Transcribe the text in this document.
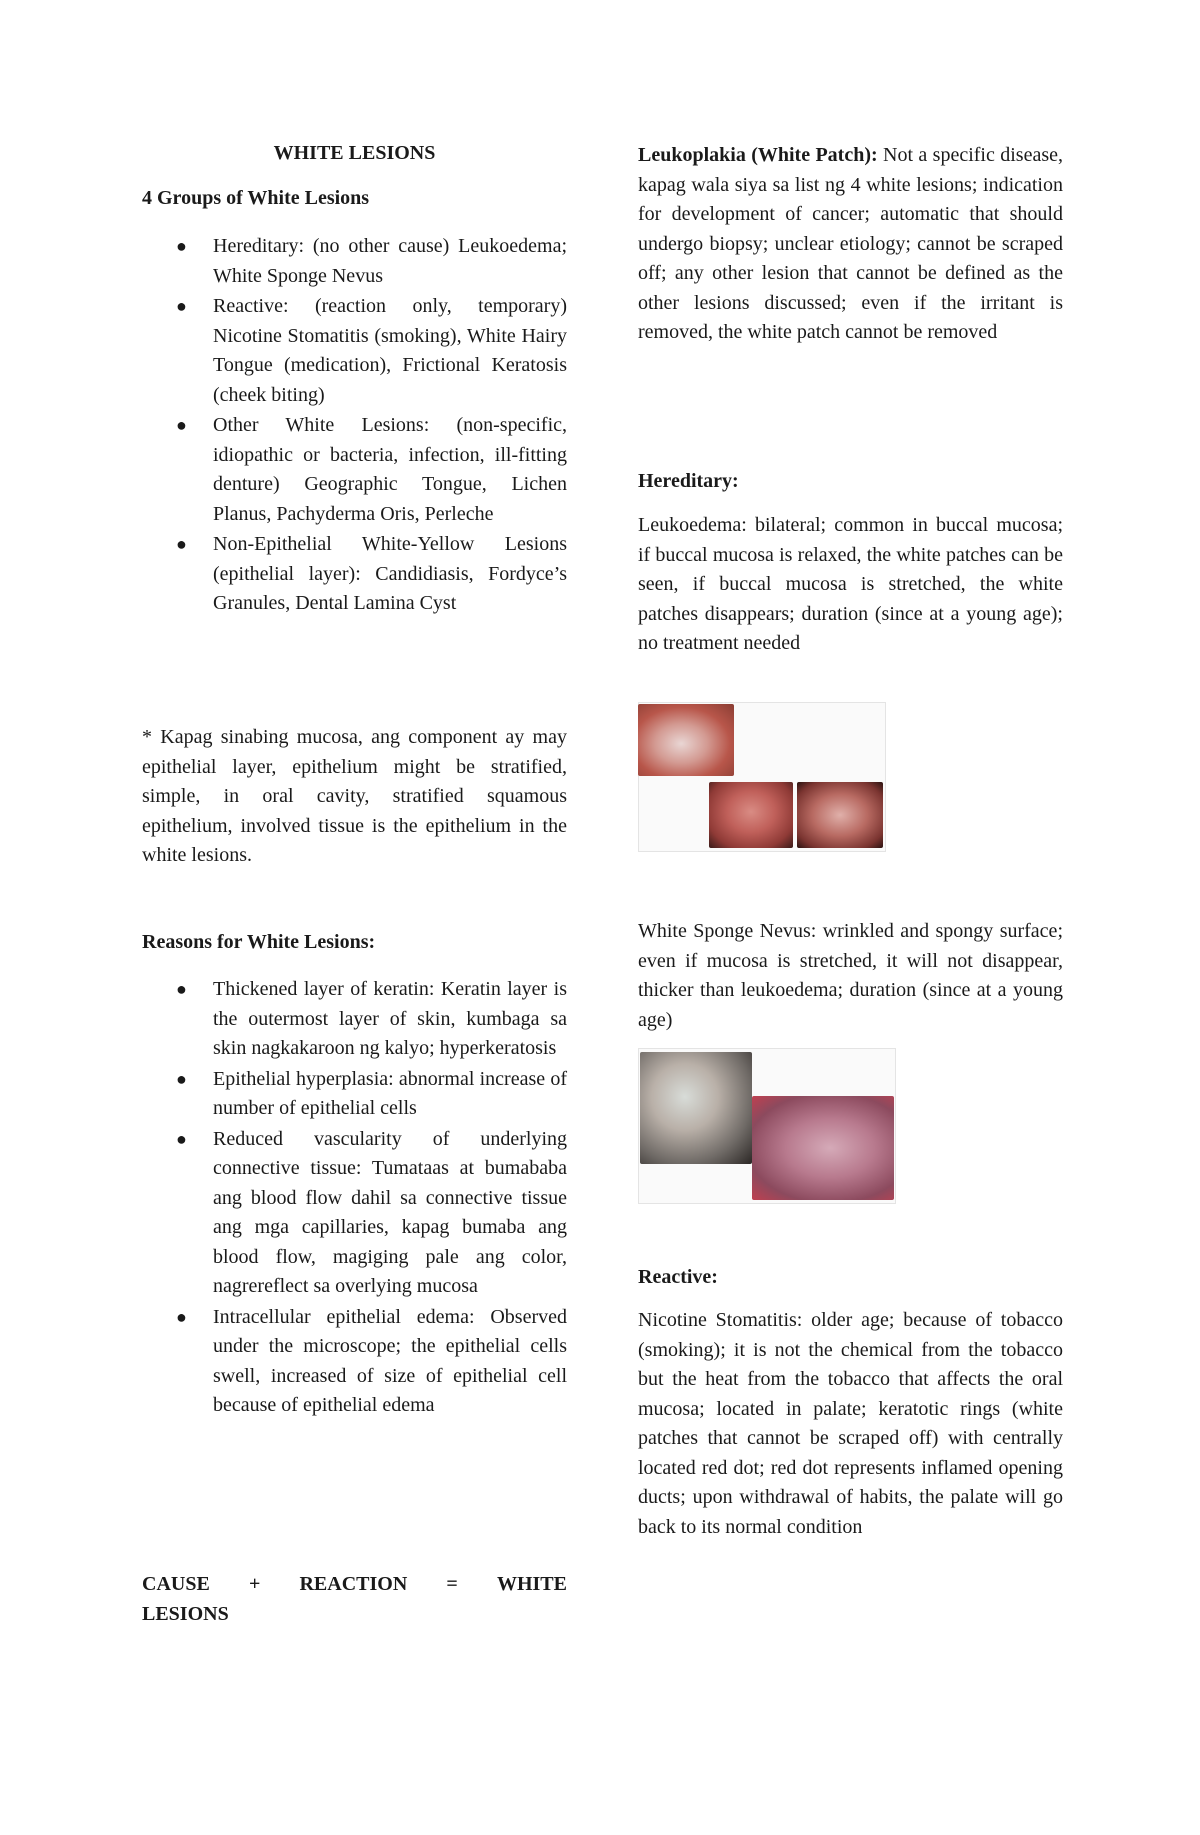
WHITE LESIONS
4 Groups of White Lesions
● Hereditary: (no other cause) Leukoedema; White Sponge Nevus
● Reactive: (reaction only, temporary) Nicotine Stomatitis (smoking), White Hairy Tongue (medication), Frictional Keratosis (cheek biting)
● Other White Lesions: (non-specific, idiopathic or bacteria, infection, ill-fitting denture) Geographic Tongue, Lichen Planus, Pachyderma Oris, Perleche
● Non-Epithelial White-Yellow Lesions (epithelial layer): Candidiasis, Fordyce’s Granules, Dental Lamina Cyst
* Kapag sinabing mucosa, ang component ay may epithelial layer, epithelium might be stratified, simple, in oral cavity, stratified squamous epithelium, involved tissue is the epithelium in the white lesions.
Reasons for White Lesions:
● Thickened layer of keratin: Keratin layer is the outermost layer of skin, kumbaga sa skin nagkakaroon ng kalyo; hyperkeratosis
● Epithelial hyperplasia: abnormal increase of number of epithelial cells
● Reduced vascularity of underlying connective tissue: Tumataas at bumababa ang blood flow dahil sa connective tissue ang mga capillaries, kapag bumaba ang blood flow, magiging pale ang color, nagrereflect sa overlying mucosa
● Intracellular epithelial edema: Observed under the microscope; the epithelial cells swell, increased of size of epithelial cell because of epithelial edema
CAUSE + REACTION = WHITE
LESIONS
Leukoplakia (White Patch): Not a specific disease, kapag wala siya sa list ng 4 white lesions; indication for development of cancer; automatic that should undergo biopsy; unclear etiology; cannot be scraped off; any other lesion that cannot be defined as the other lesions discussed; even if the irritant is removed, the white patch cannot be removed
Hereditary:
Leukoedema: bilateral; common in buccal mucosa; if buccal mucosa is relaxed, the white patches can be seen, if buccal mucosa is stretched, the white patches disappears; duration (since at a young age); no treatment needed
White Sponge Nevus: wrinkled and spongy surface; even if mucosa is stretched, it will not disappear, thicker than leukoedema; duration (since at a young age)
Reactive:
Nicotine Stomatitis: older age; because of tobacco (smoking); it is not the chemical from the tobacco but the heat from the tobacco that affects the oral mucosa; located in palate; keratotic rings (white patches that cannot be scraped off) with centrally located red dot; red dot represents inflamed opening ducts; upon withdrawal of habits, the palate will go back to its normal condition
